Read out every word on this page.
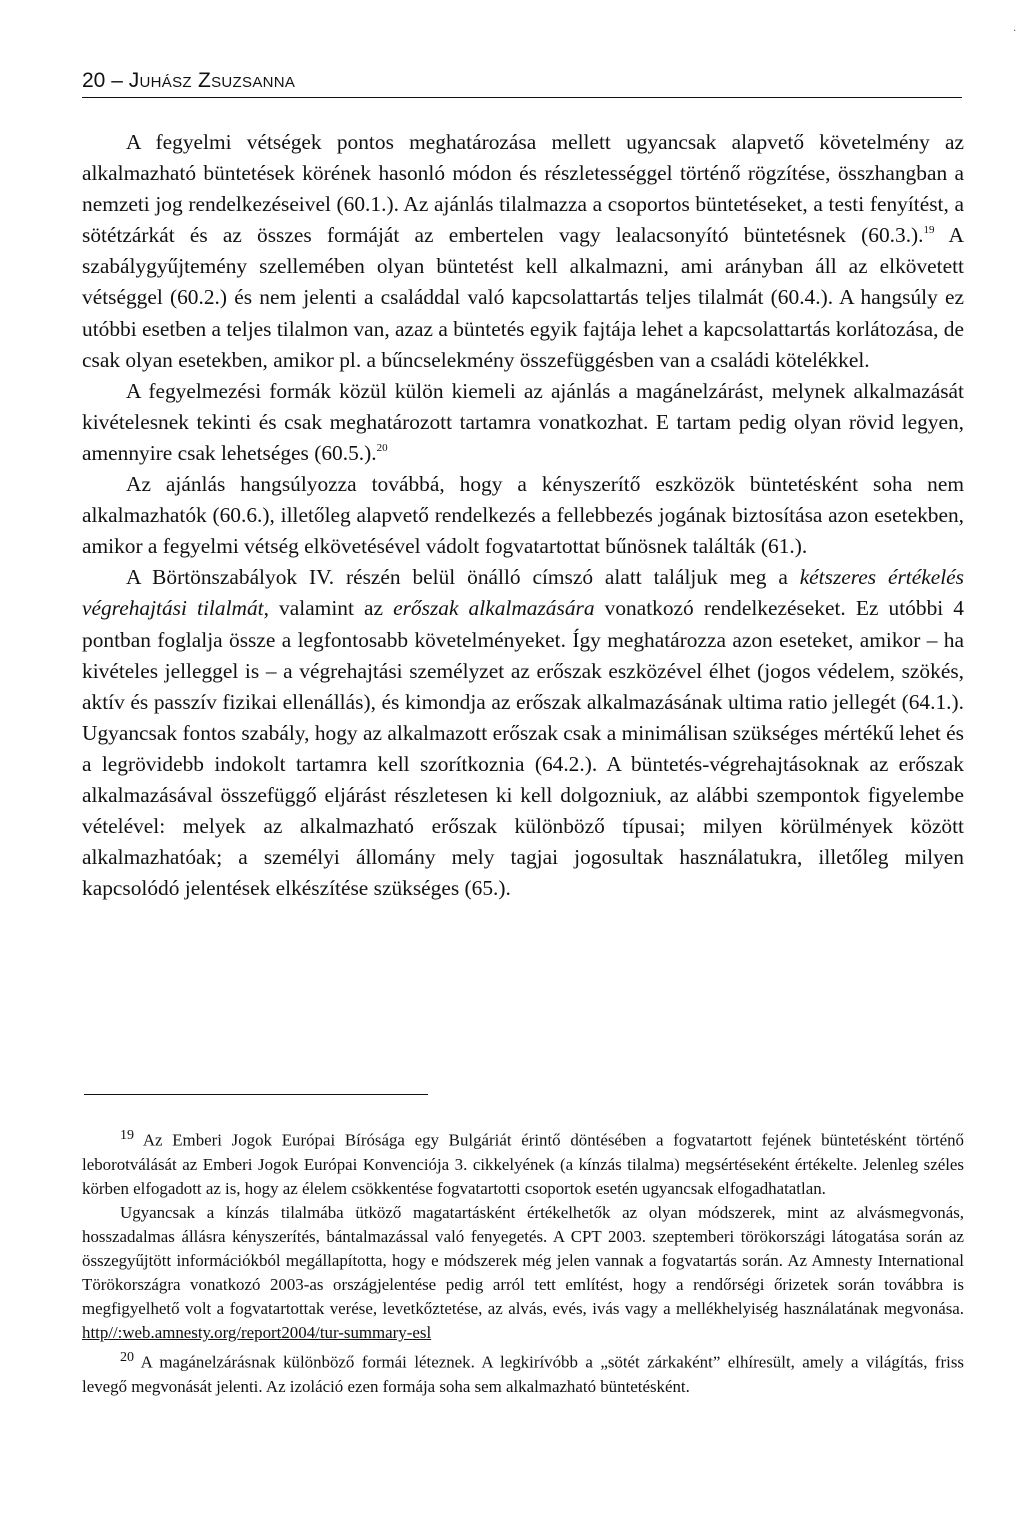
·
20 – Juhász Zsuzsanna

A fegyelmi vétségek pontos meghatározása mellett ugyancsak alapvető követelmény az alkalmazható büntetések körének hasonló módon és részletességgel történő rögzítése, összhangban a nemzeti jog rendelkezéseivel (60.1.). Az ajánlás tilalmazza a csoportos büntetéseket, a testi fenyítést, a sötétzárkát és az összes formáját az embertelen vagy lealacsonyító büntetésnek (60.3.).$^{19}$ A szabálygyűjtemény szellemében olyan büntetést kell alkalmazni, ami arányban áll az elkövetett vétséggel (60.2.) és nem jelenti a családdal való kapcsolattartás teljes tilalmát (60.4.). A hangsúly ez utóbbi esetben a teljes tilalmon van, azaz a büntetés egyik fajtája lehet a kapcsolattartás korlátozása, de csak olyan esetekben, amikor pl. a bűncselekmény összefüggésben van a családi kötelékkel.

A fegyelmezési formák közül külön kiemeli az ajánlás a magánelzárást, melynek alkalmazását kivételesnek tekinti és csak meghatározott tartamra vonatkozhat. E tartam pedig olyan rövid legyen, amennyire csak lehetséges (60.5.).$^{20}$

Az ajánlás hangsúlyozza továbbá, hogy a kényszerítő eszközök büntetésként soha nem alkalmazhatók (60.6.), illetőleg alapvető rendelkezés a fellebbezés jogának biztosítása azon esetekben, amikor a fegyelmi vétség elkövetésével vádolt fogvatartottat bűnösnek találták (61.).

A Börtönszabályok IV. részén belül önálló címszó alatt találjuk meg a kétszeres értékelés végrehajtási tilalmát, valamint az erőszak alkalmazására vonatkozó rendelkezéseket. Ez utóbbi 4 pontban foglalja össze a legfontosabb követelményeket. Így meghatározza azon eseteket, amikor – ha kivételes jelleggel is – a végrehajtási személyzet az erőszak eszközével élhet (jogos védelem, szökés, aktív és passzív fizikai ellenállás), és kimondja az erőszak alkalmazásának ultima ratio jellegét (64.1.). Ugyancsak fontos szabály, hogy az alkalmazott erőszak csak a minimálisan szükséges mértékű lehet és a legrövidebb indokolt tartamra kell szorítkoznia (64.2.). A büntetés-végrehajtásoknak az erőszak alkalmazásával összefüggő eljárást részletesen ki kell dolgozniuk, az alábbi szempontok figyelembe vételével: melyek az alkalmazható erőszak különböző típusai; milyen körülmények között alkalmazhatóak; a személyi állomány mely tagjai jogosultak használatukra, illetőleg milyen kapcsolódó jelentések elkészítése szükséges (65.).

$^{19}$ Az Emberi Jogok Európai Bírósága egy Bulgáriát érintő döntésében a fogvatartott fejének büntetésként történő leborotválását az Emberi Jogok Európai Konvenciója 3. cikkelyének (a kínzás tilalma) megsértéseként értékelte. Jelenleg széles körben elfogadott az is, hogy az élelem csökkentése fogvatartotti csoportok esetén ugyancsak elfogadhatatlan.

Ugyancsak a kínzás tilalmába ütköző magatartásként értékelhetők az olyan módszerek, mint az alvásmegvonás, hosszadalmas állásra kényszerítés, bántalmazással való fenyegetés. A CPT 2003. szeptemberi törökországi látogatása során az összegyűjtött információkból megállapította, hogy e módszerek még jelen vannak a fogvatartás során. Az Amnesty International Törökországra vonatkozó 2003-as országjelentése pedig arról tett említést, hogy a rendőrségi őrizetek során továbbra is megfigyelhető volt a fogvatartottak verése, levetkőztetése, az alvás, evés, ivás vagy a mellékhelyiség használatának megvonása. http//:web.amnesty.org/report2004/tur-summary-esl

$^{20}$ A magánelzárásnak különböző formái léteznek. A legkirívóbb a „sötét zárkaként” elhíresült, amely a világítás, friss levegő megvonását jelenti. Az izoláció ezen formája soha sem alkalmazható büntetésként.
